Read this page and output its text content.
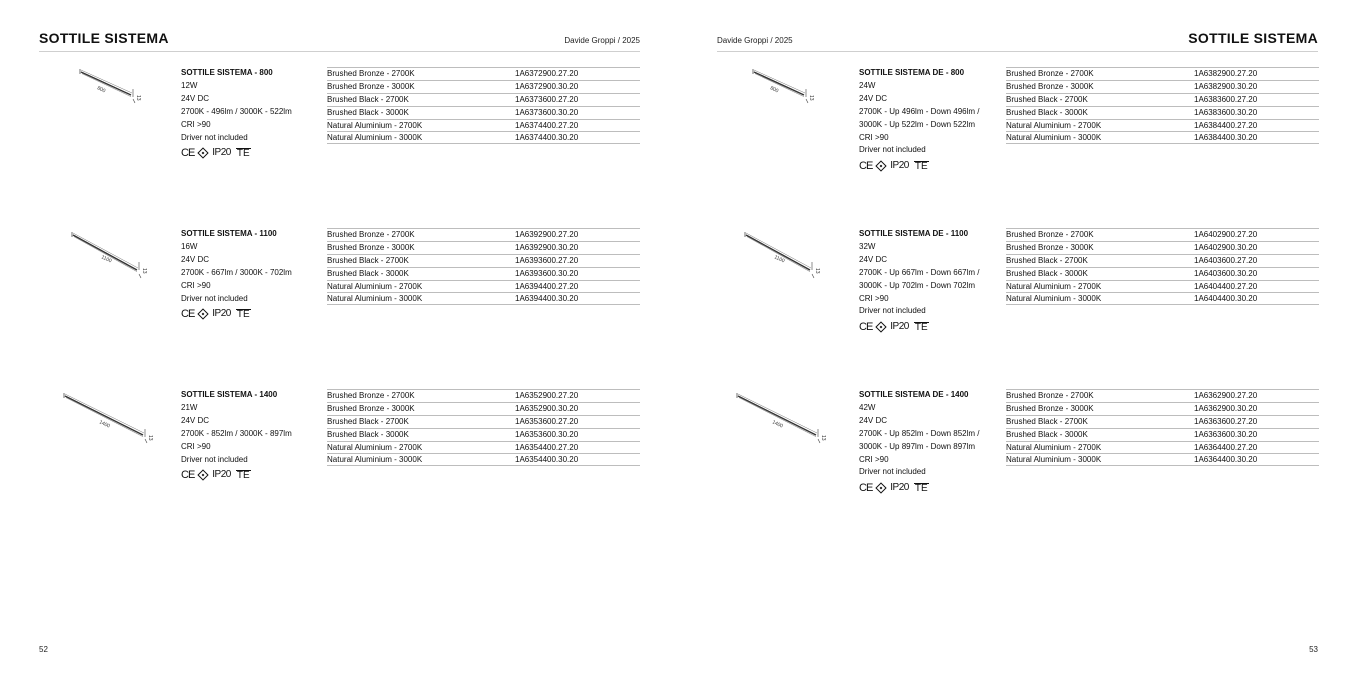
SOTTILE SISTEMA	Davide Groppi / 2025
800
13
SOTTILE SISTEMA - 800
12W
24V DC
2700K - 496lm / 3000K - 522lm
CRI >90
Driver not included
CE IP20 TE
Brushed Bronze - 2700K	1A6372900.27.20
Brushed Bronze - 3000K	1A6372900.30.20
Brushed Black - 2700K	1A6373600.27.20
Brushed Black - 3000K	1A6373600.30.20
Natural Aluminium - 2700K	1A6374400.27.20
Natural Aluminium - 3000K	1A6374400.30.20
1100
13
SOTTILE SISTEMA - 1100
16W
24V DC
2700K - 667lm / 3000K - 702lm
CRI >90
Driver not included
CE IP20 TE
Brushed Bronze - 2700K	1A6392900.27.20
Brushed Bronze - 3000K	1A6392900.30.20
Brushed Black - 2700K	1A6393600.27.20
Brushed Black - 3000K	1A6393600.30.20
Natural Aluminium - 2700K	1A6394400.27.20
Natural Aluminium - 3000K	1A6394400.30.20
1400
13
SOTTILE SISTEMA - 1400
21W
24V DC
2700K - 852lm / 3000K - 897lm
CRI >90
Driver not included
CE IP20 TE
Brushed Bronze - 2700K	1A6352900.27.20
Brushed Bronze - 3000K	1A6352900.30.20
Brushed Black - 2700K	1A6353600.27.20
Brushed Black - 3000K	1A6353600.30.20
Natural Aluminium - 2700K	1A6354400.27.20
Natural Aluminium - 3000K	1A6354400.30.20
52
SOTTILE SISTEMA
Davide Groppi / 2025
800
13
SOTTILE SISTEMA DE - 800
24W
24V DC
2700K - Up 496lm - Down 496lm /
3000K - Up 522lm - Down 522lm
CRI >90
Driver not included
CE IP20 TE
Brushed Bronze - 2700K	1A6382900.27.20
Brushed Bronze - 3000K	1A6382900.30.20
Brushed Black - 2700K	1A6383600.27.20
Brushed Black - 3000K	1A6383600.30.20
Natural Aluminium - 2700K	1A6384400.27.20
Natural Aluminium - 3000K	1A6384400.30.20
1100
13
SOTTILE SISTEMA DE - 1100
32W
24V DC
2700K - Up 667lm - Down 667lm /
3000K - Up 702lm - Down 702lm
CRI >90
Driver not included
CE IP20 TE
Brushed Bronze - 2700K	1A6402900.27.20
Brushed Bronze - 3000K	1A6402900.30.20
Brushed Black - 2700K	1A6403600.27.20
Brushed Black - 3000K	1A6403600.30.20
Natural Aluminium - 2700K	1A6404400.27.20
Natural Aluminium - 3000K	1A6404400.30.20
1400
13
SOTTILE SISTEMA DE - 1400
42W
24V DC
2700K - Up 852lm - Down 852lm /
3000K - Up 897lm - Down 897lm
CRI >90
Driver not included
CE IP20 TE
Brushed Bronze - 2700K	1A6362900.27.20
Brushed Bronze - 3000K	1A6362900.30.20
Brushed Black - 2700K	1A6363600.27.20
Brushed Black - 3000K	1A6363600.30.20
Natural Aluminium - 2700K	1A6364400.27.20
Natural Aluminium - 3000K	1A6364400.30.20
53
